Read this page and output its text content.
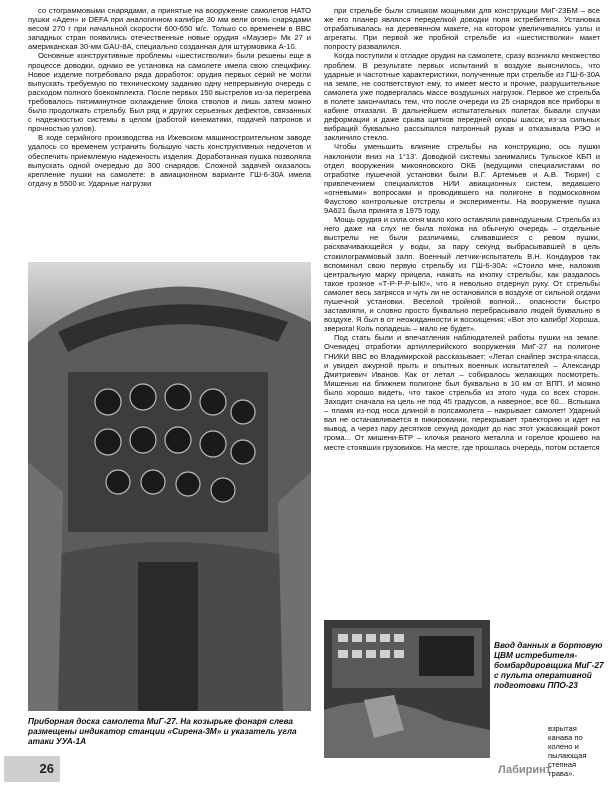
со стограммовыми снарядами, а принятые на вооружение самолетов НАТО пушки «Аден» и DEFA при аналогичном калибре 30 мм вели огонь снарядами весом 270 г при начальной скорости 600-650 м/с. Только со временем в ВВС западных стран появились отечественные новые орудия «Маузер» Мк 27 и американская 30-мм GAU-8A, специально созданная для штурмовика А-10.

Основные конструктивные проблемы «шестистволки» были решены еще в процессе доводки, однако ее установка на самолете имела свою специфику. Новое изделие потребовало ряда доработок: орудия первых серий не могли выпускать требуемую по техническому заданию одну непрерывную очередь с расходом полного боекомплекта. После первых 150 выстрелов из-за перегрева требовалось пятиминутное охлаждение блока стволов и лишь затем можно было продолжать стрельбу. Был ряд и других серьезных дефектов, связанных с надежностью системы в целом (работой кинематики, подачей патронов и прочностью узлов).

В ходе серийного производства на Ижевском машиностроительном заводе удалось со временем устранить большую часть конструктивных недочетов и обеспечить приемлемую надежность изделия. Доработанная пушка позволяла выпускать одной очередью до 300 снарядов. Сложной задачей оказалось крепление пушки на самолете: в авиационном варианте ГШ-6-30А имела отдачу в 5500 кг. Ударные нагрузки

Приборная доска самолета МиГ-27. На козырьке фонаря слева размещены индикатор станции «Сирена-3М» и указатель угла атаки УУА-1А

при стрельбе были слишком мощными для конструкции МиГ-23БМ – все же его планер являлся переделкой доводки поля истребителя. Установка отрабатывалась на деревянном макете, на котором увеличивались узлы и агрегаты. При первой же пробной стрельбе из «шестистволки» макет попросту развалился.

Когда поступили к отладке орудия на самолете, сразу возникло множество проблем. В результате первых испытаний в воздухе выяснилось, что ударные и частотные характеристики, полученные при стрельбе из ГШ-6-30А на земле, не соответствуют ему, то имеет место и прочие, разрушительные самолета уже подвергалась массе воздушных нагрузок. Первое же стрельба в полете закончилась тем, что после очереди из 25 снарядов все приборы в кабине отказали. В дальнейшем испытательных полетах бывали случаи деформации и даже срыва щитков передней опоры шасси, из-за сильных вибраций буквально рассыпался патронный рукав и отказывала РЭО и заклинило стекло.

Чтобы уменьшить влияние стрельбы на конструкцию, ось пушки наклонили вниз на 1°13'. Доводкой системы занимались Тульское КБП и отдел вооружения микояновского ОКБ (ведущими специалистами по отработке пушечной установки были В.Г. Артемьев и А.В. Тюрин) с привлечением специалистов НИИ авиационных систем, ведавшего «огневыми» вопросами и проводившего на полигоне в подмосковном Фаустово контрольные отстрелы и эксперименты. На вооружение пушка 9А621 была принята в 1975 году.

Мощь орудия и сила огня мало кого оставляли равнодушным. Стрельба из него даже на слух не была похожа на обычную очередь – отдельные выстрелы не были различимы, сливавшиеся с ревом пушки, расхвачивающейся у воды, за пару секунд выбрасывавшей в цель стокилограммовый залп. Военный летчик-испытатель В.Н. Кондауров так вспоминал свою первую стрельбу из ГШ-6-30А: «Стоило мне, наложив центральную марку прицела, нажать на кнопку стрельбы, как раздалось такое грозное «Т-Р-Р-Р-ЫК!», что я невольно отдернул руку. От стрельбы самолет весь затрясся и чуть ли не остановился в воздухе от сильной отдачи пушечной установки. Веселой тройной волной... опасности быстро заставляли, и словно просто буквально перебрасывало людей буквально в воздухе. Я был в от неожиданности и восхищения: «Вот это калибр! Хороша, зверюга! Коль попадешь – мало не будет».

Под стать были и впечатления наблюдателей работы пушки на земле. Очевидец отработки артиллерийского вооружения МиГ-27 на полигоне ГНИКИ ВВС во Владимирской рассказывает: «Летал снайпер экстра-класса, и увидел ажурной прыть и опытных военных испытателей – Александр Дмитриевич Иванов. Как от летал – собиралось желающих посмотреть. Мишенью на ближнем полигоне был буквально в 10 км от ВПП. И можно было хорошо видеть, что такое стрельба из этого чуда со всех сторон. Заходит сначала на цель не под 45 градусов, а наверное, все 60... Вспышка – пламя из-под носа длиной в полсамолета – накрывает самолет! Ударный вал не останавливается в пикировании, перекрывает траекторию и идет на вывод, а через пару десятков секунд доходит до нас этот ужасающий рокот грома... От мишени-БТР – клочья рваного металла и горелое крошево на месте стоявших грузовиков. На месте, где прошлась очередь, потом остается

Ввод данных в бортовую ЦВМ истребителя-бомбардировщика МиГ-27 с пульта оперативной подготовки ППО-23
взрытая канава по колено и пылающая степная трава».
26	Лабиринт
